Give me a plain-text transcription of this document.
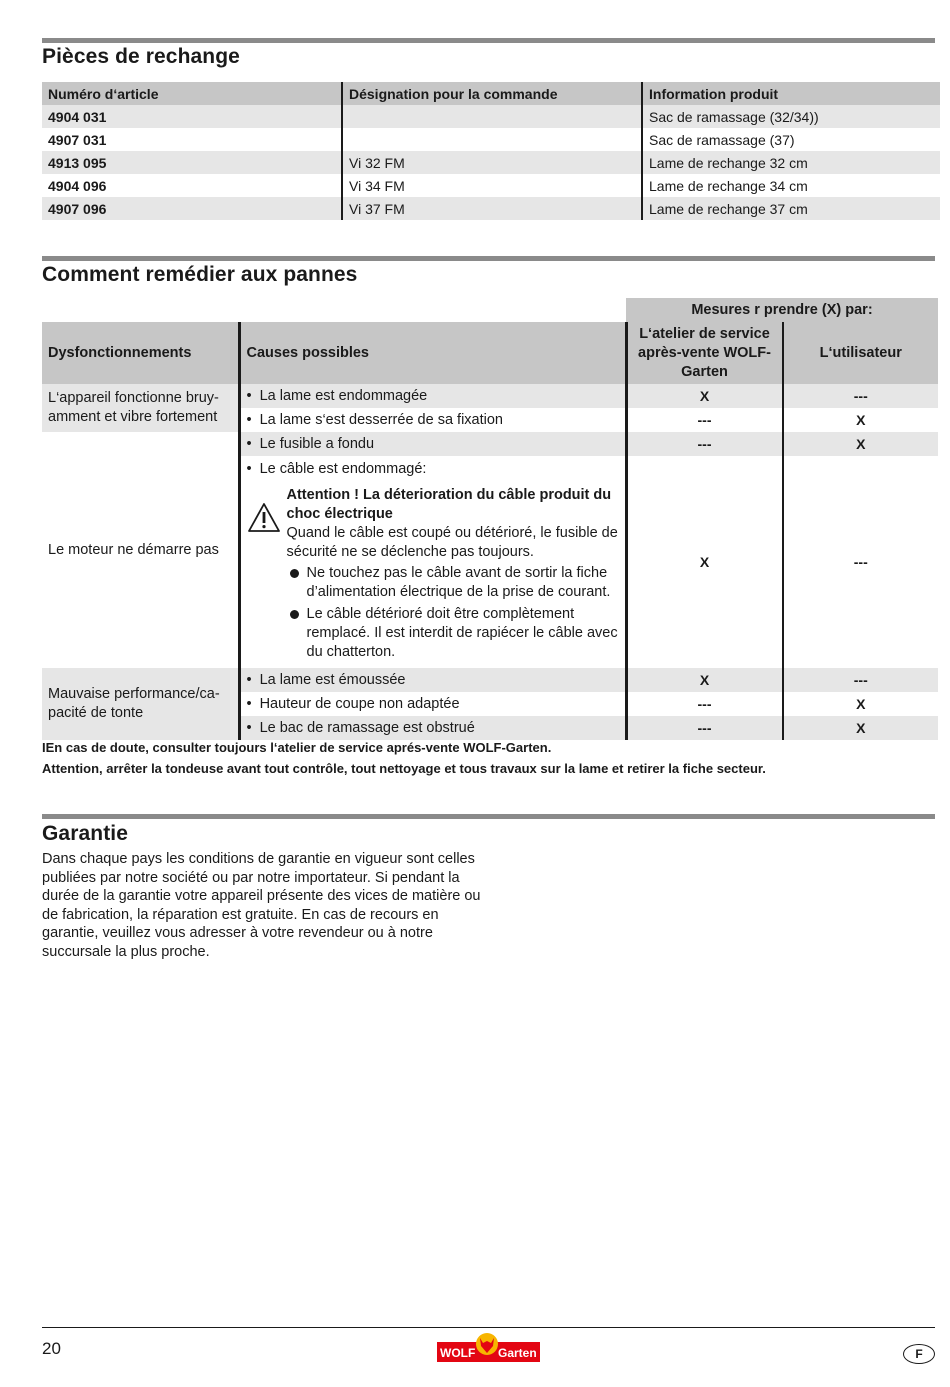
Pièces de rechange
Numéro d‘article	Désignation pour la commande	Information produit
4904 031		Sac de ramassage (32/34))
4907 031		Sac de ramassage (37)
4913 095	Vi 32 FM	Lame de rechange 32 cm
4904 096	Vi 34 FM	Lame de rechange 34 cm
4907 096	Vi 37 FM	Lame de rechange 37 cm
Comment remédier aux pannes
		Mesures r prendre (X) par:	
Dysfonctionnements	Causes possibles	L‘atelier de service après-vente WOLF-Garten	L‘utilisateur
L‘appareil fonctionne bruy-amment et vibre fortement	• La lame est endommagée	X	---
	• La lame s‘est desserrée de sa fixation	---	X
Le moteur ne démarre pas	• Le fusible a fondu	---	X

	• Le câble est endommagé:
Attention ! La déterioration du câble produit du choc électrique
Quand le câble est coupé ou détérioré, le fusible de sécurité ne se déclenche pas toujours.
Ne touchez pas le câble avant de sortir la fiche d’alimentation électrique de la prise de courant.
Le câble détérioré doit être complètement remplacé. Il est interdit de rapiécer le câble avec du chatterton.	X	---
Mauvaise performance/ca-pacité de tonte	• La lame est émoussée	X	---
	• Hauteur de coupe non adaptée	---	X
	• Le bac de ramassage est obstrué	---	X
IEn cas de doute, consulter toujours l‘atelier de service aprés-vente WOLF-Garten.
Attention, arrêter la tondeuse avant tout contrôle, tout nettoyage et tous travaux sur la lame et retirer la fiche secteur.
Garantie
Dans chaque pays les conditions de garantie en vigueur sont celles publiées par notre société ou par notre importateur. Si pendant la durée de la garantie votre appareil présente des vices de matière ou de fabrication, la réparation est gratuite. En cas de recours en garantie, veuillez vous adresser à votre revendeur ou à notre succursale la plus proche.
20	WOLF Garten	F
